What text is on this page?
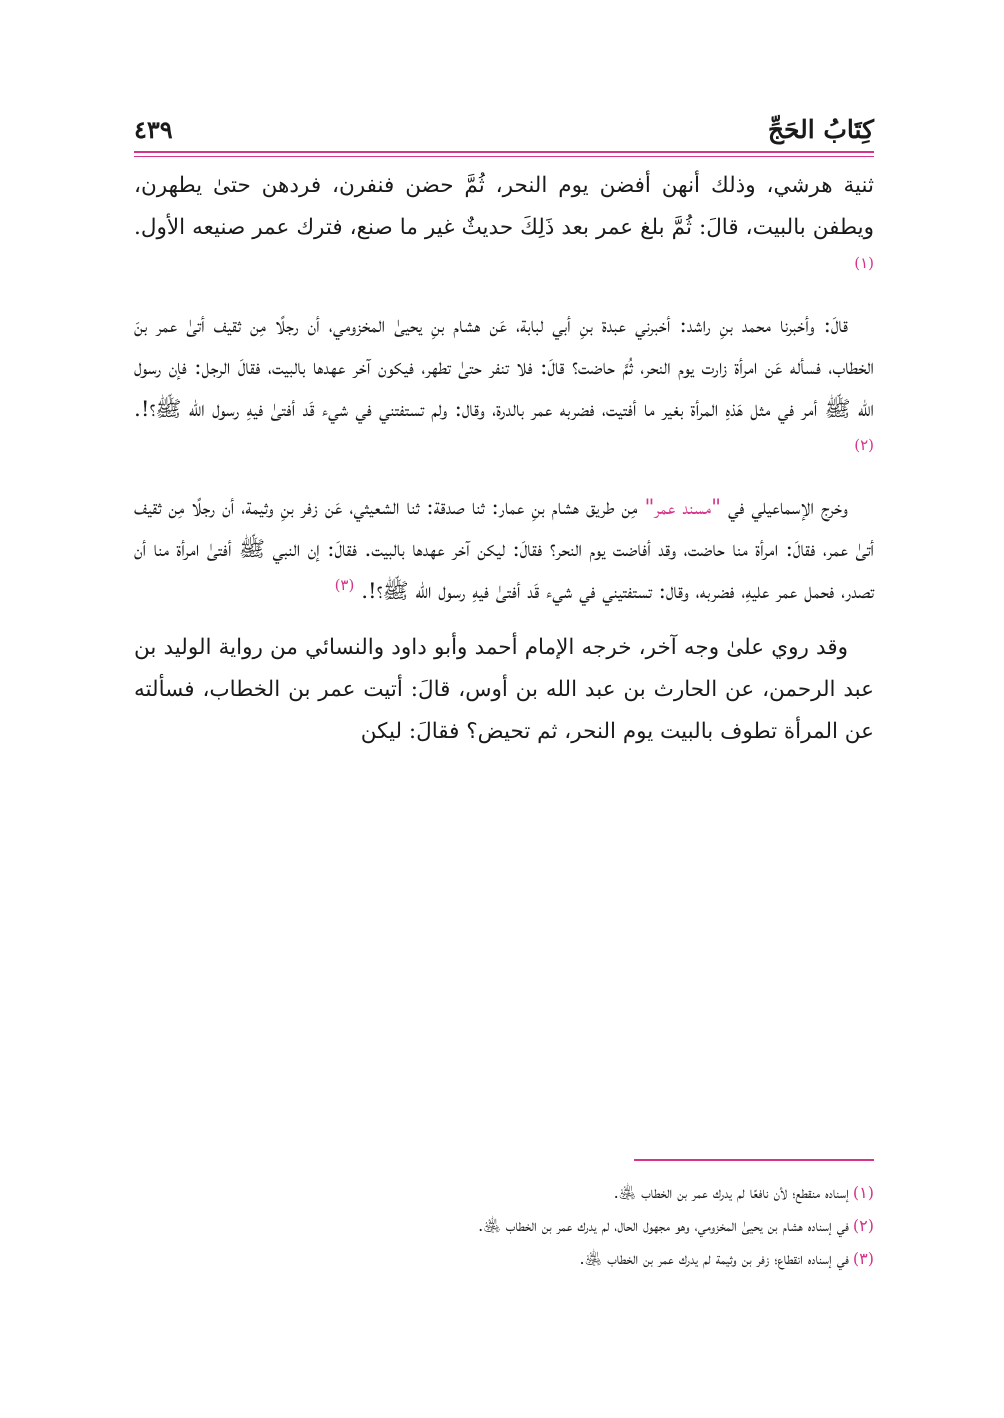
كِتَابُ الحَجِّ
٤٣٩

ثنية هرشي، وذلك أنهن أفضن يوم النحر، ثُمَّ حضن فنفرن، فردهن حتىٰ يطهرن، ويطفن بالبيت، قالَ: ثُمَّ بلغ عمر بعد ذَلِكَ حديثٌ غير ما صنع، فترك عمر صنيعه الأول. $^{(١)}$

قالَ: وأخبرنا محمد بنِ راشد: أخبرني عبدة بنِ أبي لبابة، عَن هشام بنِ يحيىٰ المخزومي، أن رجلًا مِن ثقيف أتىٰ عمر بنَ الخطاب، فسأله عَن امرأة زارت يوم النحر، ثُمَّ حاضت؟ قالَ: فلا تنفر حتىٰ تطهر، فيكون آخر عهدها بالبيت، فقالَ الرجل: فإن رسول الله ﷺ أمر في مثل هَذهِ المرأة بغير ما أفتيت، فضربه عمر بالدرة، وقال: ولم تستفتني في شيء قَد أفتىٰ فيهِ رسول الله ﷺ؟!. $^{(٢)}$

وخرج الإسماعيلي في "مسند عمر" مِن طريق هشام بنِ عمار: ثنا صدقة: ثنا الشعيثي، عَن زفر بنِ وثيمة، أن رجلًا مِن ثقيف أتىٰ عمر، فقالَ: امرأة منا حاضت، وقد أفاضت يوم النحر؟ فقالَ: ليكن آخر عهدها بالبيت. فقالَ: إن النبي ﷺ أفتىٰ امرأة منا أن تصدر، فحمل عمر عليهِ، فضربه، وقال: تستفتيني في شيء قَد أفتىٰ فيهِ رسول الله ﷺ؟!. $^{(٣)}$

وقد روي علىٰ وجه آخر، خرجه الإمام أحمد وأبو داود والنسائي من رواية الوليد بن عبد الرحمن، عن الحارث بن عبد الله بن أوس، قالَ: أتيت عمر بن الخطاب، فسألته عن المرأة تطوف بالبيت يوم النحر، ثم تحيض؟ فقالَ: ليكن

(١)إسناده منقطع؛ لأن نافعًا لم يدرك عمر بن الخطاب ﵁.

(٢)في إسناده هشام بن يحيىٰ المخزومي، وهو مجهول الحال، لم يدرك عمر بن الخطاب ﵁.

(٣)في إسناده انقطاع؛ زفر بن وثيمة لم يدرك عمر بن الخطاب ﵁.
